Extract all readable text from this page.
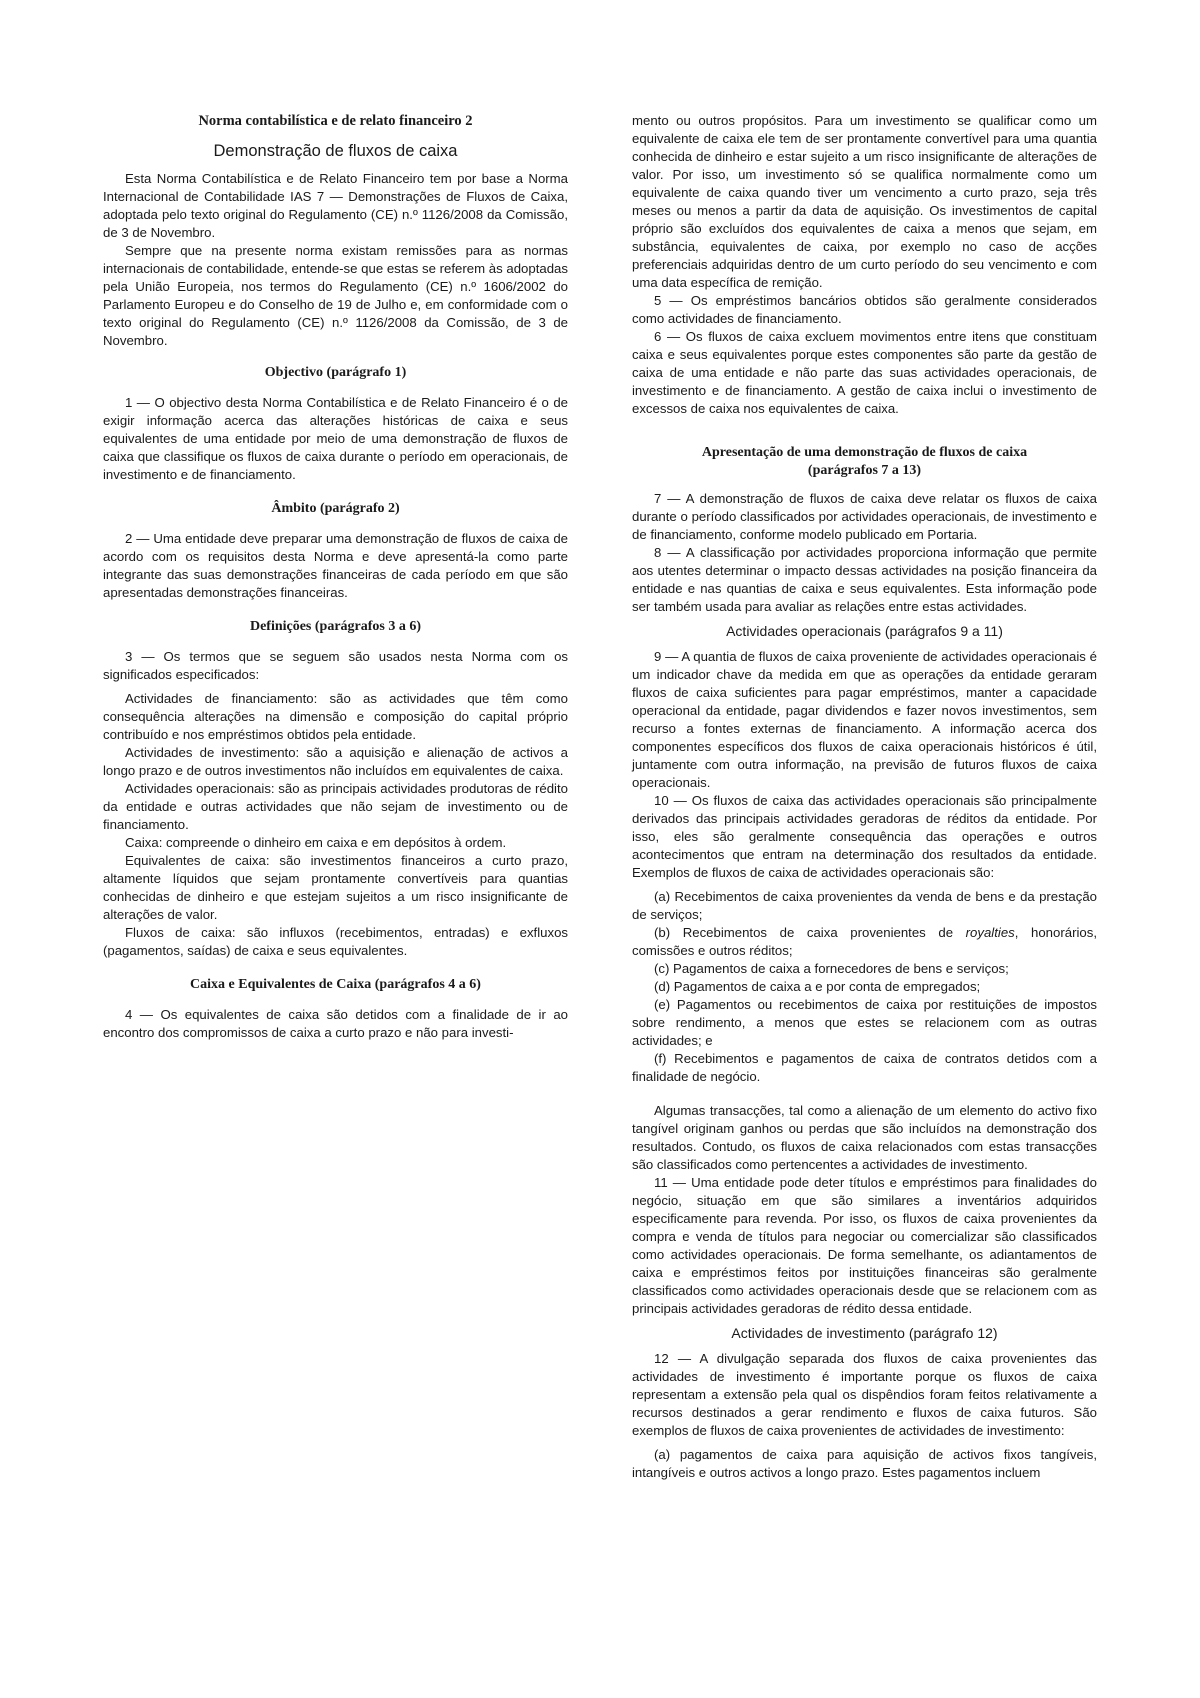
Norma contabilística e de relato financeiro 2

Demonstração de fluxos de caixa

Esta Norma Contabilística e de Relato Financeiro tem por base a Norma Internacional de Contabilidade IAS 7 — Demonstrações de Fluxos de Caixa, adoptada pelo texto original do Regulamento (CE) n.º 1126/2008 da Comissão, de 3 de Novembro.

Sempre que na presente norma existam remissões para as normas internacionais de contabilidade, entende-se que estas se referem às adoptadas pela União Europeia, nos termos do Regulamento (CE) n.º 1606/2002 do Parlamento Europeu e do Conselho de 19 de Julho e, em conformidade com o texto original do Regulamento (CE) n.º 1126/2008 da Comissão, de 3 de Novembro.

Objectivo (parágrafo 1)

1 — O objectivo desta Norma Contabilística e de Relato Financeiro é o de exigir informação acerca das alterações históricas de caixa e seus equivalentes de uma entidade por meio de uma demonstração de fluxos de caixa que classifique os fluxos de caixa durante o período em operacionais, de investimento e de financiamento.

Âmbito (parágrafo 2)

2 — Uma entidade deve preparar uma demonstração de fluxos de caixa de acordo com os requisitos desta Norma e deve apresentá-la como parte integrante das suas demonstrações financeiras de cada período em que são apresentadas demonstrações financeiras.

Definições (parágrafos 3 a 6)

3 — Os termos que se seguem são usados nesta Norma com os significados especificados:

Actividades de financiamento: são as actividades que têm como consequência alterações na dimensão e composição do capital próprio contribuído e nos empréstimos obtidos pela entidade.

Actividades de investimento: são a aquisição e alienação de activos a longo prazo e de outros investimentos não incluídos em equivalentes de caixa.

Actividades operacionais: são as principais actividades produtoras de rédito da entidade e outras actividades que não sejam de investimento ou de financiamento.

Caixa: compreende o dinheiro em caixa e em depósitos à ordem.

Equivalentes de caixa: são investimentos financeiros a curto prazo, altamente líquidos que sejam prontamente convertíveis para quantias conhecidas de dinheiro e que estejam sujeitos a um risco insignificante de alterações de valor.

Fluxos de caixa: são influxos (recebimentos, entradas) e exfluxos (pagamentos, saídas) de caixa e seus equivalentes.

Caixa e Equivalentes de Caixa (parágrafos 4 a 6)

4 — Os equivalentes de caixa são detidos com a finalidade de ir ao encontro dos compromissos de caixa a curto prazo e não para investi-

mento ou outros propósitos. Para um investimento se qualificar como um equivalente de caixa ele tem de ser prontamente convertível para uma quantia conhecida de dinheiro e estar sujeito a um risco insignificante de alterações de valor. Por isso, um investimento só se qualifica normalmente como um equivalente de caixa quando tiver um vencimento a curto prazo, seja três meses ou menos a partir da data de aquisição. Os investimentos de capital próprio são excluídos dos equivalentes de caixa a menos que sejam, em substância, equivalentes de caixa, por exemplo no caso de acções preferenciais adquiridas dentro de um curto período do seu vencimento e com uma data específica de remição.

5 — Os empréstimos bancários obtidos são geralmente considerados como actividades de financiamento.

6 — Os fluxos de caixa excluem movimentos entre itens que constituam caixa e seus equivalentes porque estes componentes são parte da gestão de caixa de uma entidade e não parte das suas actividades operacionais, de investimento e de financiamento. A gestão de caixa inclui o investimento de excessos de caixa nos equivalentes de caixa.

Apresentação de uma demonstração de fluxos de caixa
(parágrafos 7 a 13)

7 — A demonstração de fluxos de caixa deve relatar os fluxos de caixa durante o período classificados por actividades operacionais, de investimento e de financiamento, conforme modelo publicado em Portaria.

8 — A classificação por actividades proporciona informação que permite aos utentes determinar o impacto dessas actividades na posição financeira da entidade e nas quantias de caixa e seus equivalentes. Esta informação pode ser também usada para avaliar as relações entre estas actividades.

Actividades operacionais (parágrafos 9 a 11)

9 — A quantia de fluxos de caixa proveniente de actividades operacionais é um indicador chave da medida em que as operações da entidade geraram fluxos de caixa suficientes para pagar empréstimos, manter a capacidade operacional da entidade, pagar dividendos e fazer novos investimentos, sem recurso a fontes externas de financiamento. A informação acerca dos componentes específicos dos fluxos de caixa operacionais históricos é útil, juntamente com outra informação, na previsão de futuros fluxos de caixa operacionais.

10 — Os fluxos de caixa das actividades operacionais são principalmente derivados das principais actividades geradoras de réditos da entidade. Por isso, eles são geralmente consequência das operações e outros acontecimentos que entram na determinação dos resultados da entidade. Exemplos de fluxos de caixa de actividades operacionais são:

(a) Recebimentos de caixa provenientes da venda de bens e da prestação de serviços;

(b) Recebimentos de caixa provenientes de royalties, honorários, comissões e outros réditos;

(c) Pagamentos de caixa a fornecedores de bens e serviços;

(d) Pagamentos de caixa a e por conta de empregados;

(e) Pagamentos ou recebimentos de caixa por restituições de impostos sobre rendimento, a menos que estes se relacionem com as outras actividades; e

(f) Recebimentos e pagamentos de caixa de contratos detidos com a finalidade de negócio.

Algumas transacções, tal como a alienação de um elemento do activo fixo tangível originam ganhos ou perdas que são incluídos na demonstração dos resultados. Contudo, os fluxos de caixa relacionados com estas transacções são classificados como pertencentes a actividades de investimento.

11 — Uma entidade pode deter títulos e empréstimos para finalidades do negócio, situação em que são similares a inventários adquiridos especificamente para revenda. Por isso, os fluxos de caixa provenientes da compra e venda de títulos para negociar ou comercializar são classificados como actividades operacionais. De forma semelhante, os adiantamentos de caixa e empréstimos feitos por instituições financeiras são geralmente classificados como actividades operacionais desde que se relacionem com as principais actividades geradoras de rédito dessa entidade.

Actividades de investimento (parágrafo 12)

12 — A divulgação separada dos fluxos de caixa provenientes das actividades de investimento é importante porque os fluxos de caixa representam a extensão pela qual os dispêndios foram feitos relativamente a recursos destinados a gerar rendimento e fluxos de caixa futuros. São exemplos de fluxos de caixa provenientes de actividades de investimento:

(a) pagamentos de caixa para aquisição de activos fixos tangíveis, intangíveis e outros activos a longo prazo. Estes pagamentos incluem
